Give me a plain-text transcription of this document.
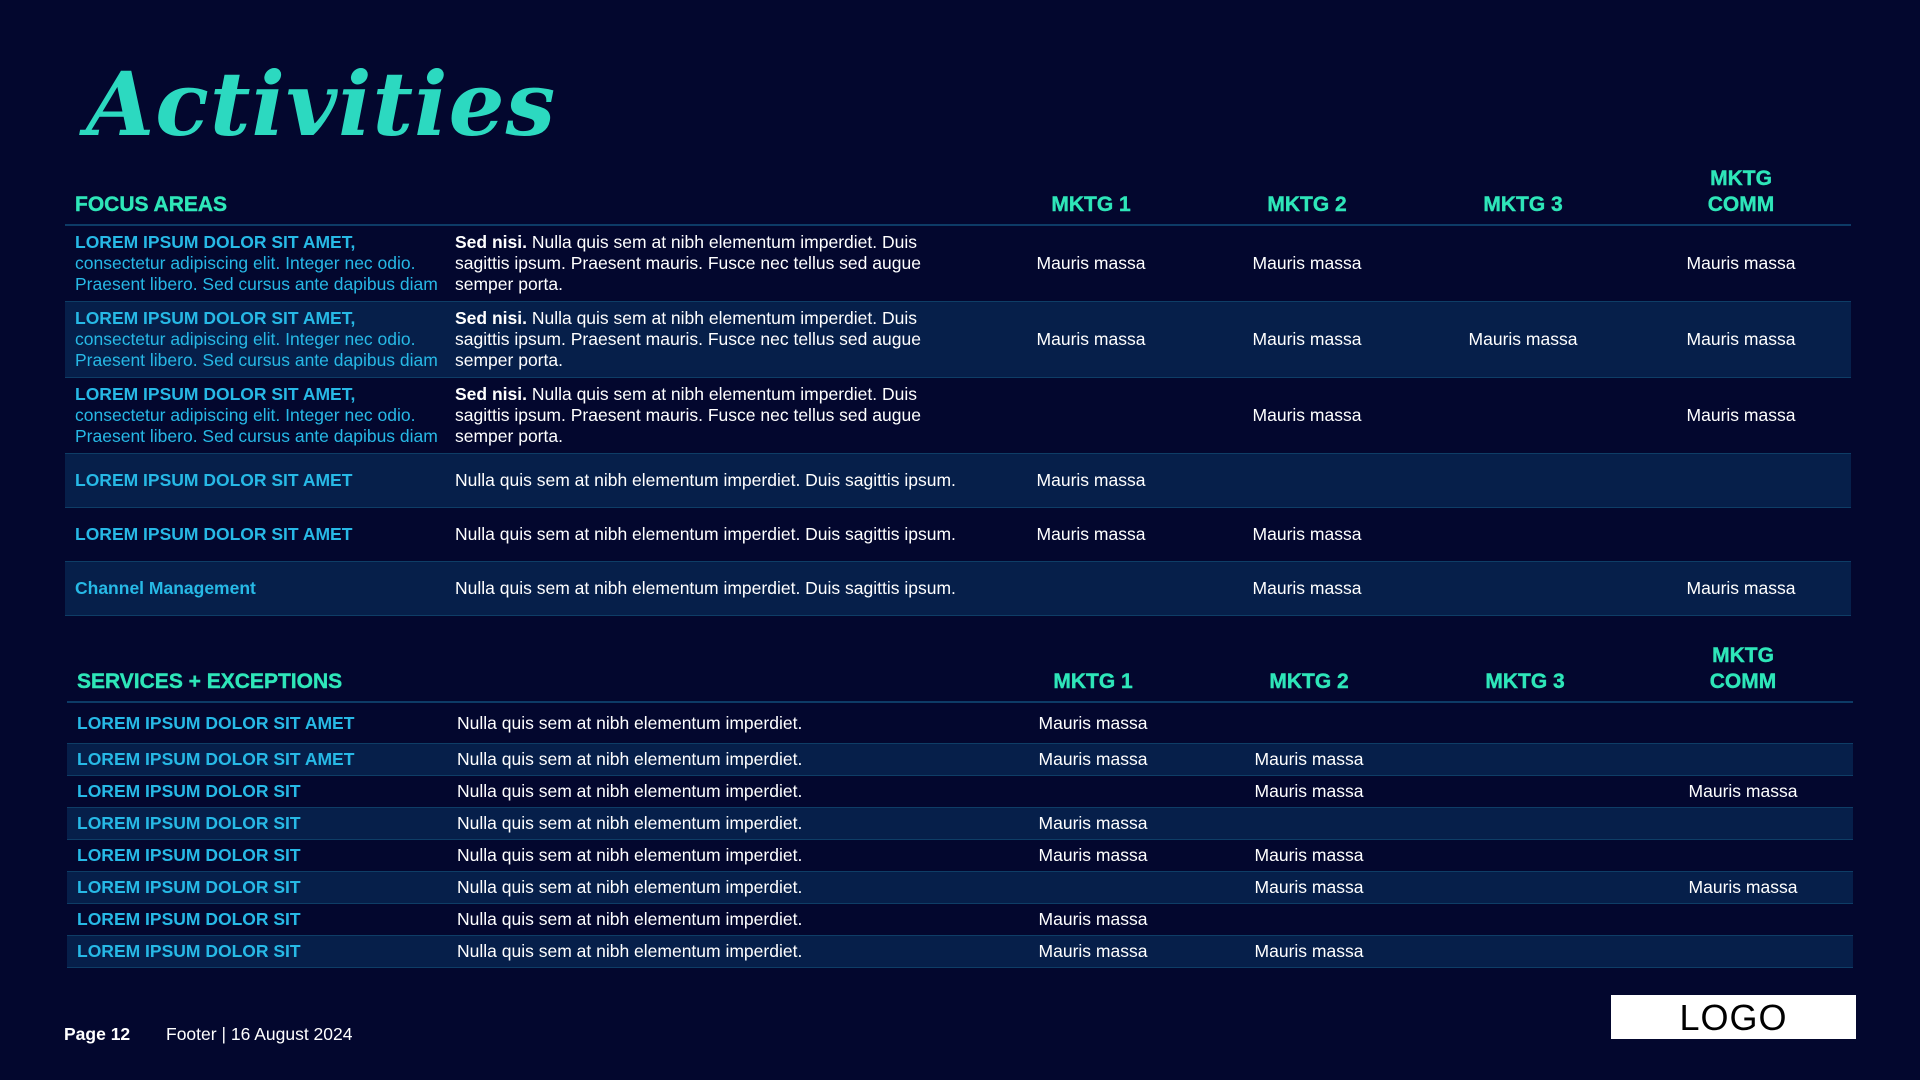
Activities
FOCUS AREAS		MKTG 1	MKTG 2	MKTG 3	MKTG
COMM
LOREM IPSUM DOLOR SIT AMET, consectetur adipiscing elit. Integer nec odio. Praesent libero. Sed cursus ante dapibus diam	Sed nisi. Nulla quis sem at nibh elementum imperdiet. Duis sagittis ipsum. Praesent mauris. Fusce nec tellus sed augue semper porta.	Mauris massa	Mauris massa		Mauris massa
LOREM IPSUM DOLOR SIT AMET, consectetur adipiscing elit. Integer nec odio. Praesent libero. Sed cursus ante dapibus diam	Sed nisi. Nulla quis sem at nibh elementum imperdiet. Duis sagittis ipsum. Praesent mauris. Fusce nec tellus sed augue semper porta.	Mauris massa	Mauris massa	Mauris massa	Mauris massa
LOREM IPSUM DOLOR SIT AMET, consectetur adipiscing elit. Integer nec odio. Praesent libero. Sed cursus ante dapibus diam	Sed nisi. Nulla quis sem at nibh elementum imperdiet. Duis sagittis ipsum. Praesent mauris. Fusce nec tellus sed augue semper porta.		Mauris massa		Mauris massa
LOREM IPSUM DOLOR SIT AMET	Nulla quis sem at nibh elementum imperdiet. Duis sagittis ipsum.	Mauris massa			
LOREM IPSUM DOLOR SIT AMET	Nulla quis sem at nibh elementum imperdiet. Duis sagittis ipsum.	Mauris massa	Mauris massa		
Channel Management	Nulla quis sem at nibh elementum imperdiet. Duis sagittis ipsum.		Mauris massa		Mauris massa
SERVICES + EXCEPTIONS		MKTG 1	MKTG 2	MKTG 3	MKTG
COMM
LOREM IPSUM DOLOR SIT AMET	Nulla quis sem at nibh elementum imperdiet.	Mauris massa			
LOREM IPSUM DOLOR SIT AMET	Nulla quis sem at nibh elementum imperdiet.	Mauris massa	Mauris massa		
LOREM IPSUM DOLOR SIT	Nulla quis sem at nibh elementum imperdiet.		Mauris massa		Mauris massa
LOREM IPSUM DOLOR SIT	Nulla quis sem at nibh elementum imperdiet.	Mauris massa			
LOREM IPSUM DOLOR SIT	Nulla quis sem at nibh elementum imperdiet.	Mauris massa	Mauris massa		
LOREM IPSUM DOLOR SIT	Nulla quis sem at nibh elementum imperdiet.		Mauris massa		Mauris massa
LOREM IPSUM DOLOR SIT	Nulla quis sem at nibh elementum imperdiet.	Mauris massa			
LOREM IPSUM DOLOR SIT	Nulla quis sem at nibh elementum imperdiet.	Mauris massa	Mauris massa		
Page 12 Footer | 16 August 2024	LOGO
